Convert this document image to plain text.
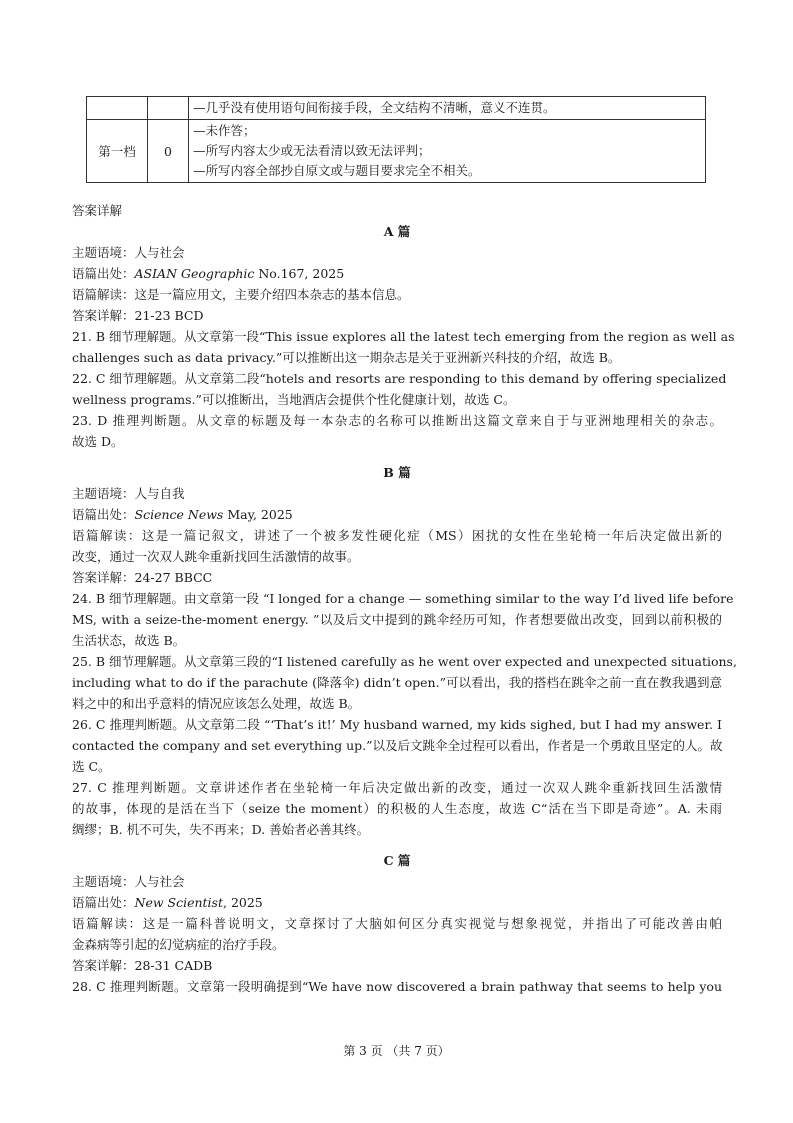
		—几乎没有使用语句间衔接手段，全文结构不清晰，意义不连贯。

第一档	0	—未作答；
—所写内容太少或无法看清以致无法评判；
—所写内容全部抄自原文或与题目要求完全不相关。
答案详解
A 篇
主题语境：人与社会
语篇出处：ASIAN Geographic No.167, 2025
语篇解读：这是一篇应用文，主要介绍四本杂志的基本信息。
答案详解：21-23 BCD
21. B 细节理解题。从文章第一段“This issue explores all the latest tech emerging from the region as well as
challenges such as data privacy.”可以推断出这一期杂志是关于亚洲新兴科技的介绍，故选 B。
22. C 细节理解题。从文章第二段“hotels and resorts are responding to this demand by offering specialized
wellness programs.”可以推断出，当地酒店会提供个性化健康计划，故选 C。
23. D 推理判断题。从文章的标题及每一本杂志的名称可以推断出这篇文章来自于与亚洲地理相关的杂志。
故选 D。
B 篇
主题语境：人与自我
语篇出处：Science News May, 2025
语篇解读：这是一篇记叙文，讲述了一个被多发性硬化症（MS）困扰的女性在坐轮椅一年后决定做出新的
改变，通过一次双人跳伞重新找回生活激情的故事。
答案详解：24-27 BBCC
24. B 细节理解题。由文章第一段 “I longed for a change — something similar to the way I’d lived life before
MS, with a seize-the-moment energy. ”以及后文中提到的跳伞经历可知，作者想要做出改变，回到以前积极的
生活状态，故选 B。
25. B 细节理解题。从文章第三段的“I listened carefully as he went over expected and unexpected situations,
including what to do if the parachute (降落伞) didn’t open.”可以看出，我的搭档在跳伞之前一直在教我遇到意
料之中的和出乎意料的情况应该怎么处理，故选 B。
26. C 推理判断题。从文章第二段 “‘That’s it!’ My husband warned, my kids sighed, but I had my answer. I
contacted the company and set everything up.”以及后文跳伞全过程可以看出，作者是一个勇敢且坚定的人。故
选 C。
27. C 推理判断题。文章讲述作者在坐轮椅一年后决定做出新的改变，通过一次双人跳伞重新找回生活激情
的故事，体现的是活在当下（seize the moment）的积极的人生态度，故选 C“活在当下即是奇迹”。A. 未雨
绸缪；B. 机不可失，失不再来；D. 善始者必善其终。
C 篇
主题语境：人与社会
语篇出处：New Scientist, 2025
语篇解读：这是一篇科普说明文，文章探讨了大脑如何区分真实视觉与想象视觉，并指出了可能改善由帕
金森病等引起的幻觉病症的治疗手段。
答案详解：28-31 CADB
28. C 推理判断题。文章第一段明确提到“We have now discovered a brain pathway that seems to help you
第 3 页 （共 7 页）
